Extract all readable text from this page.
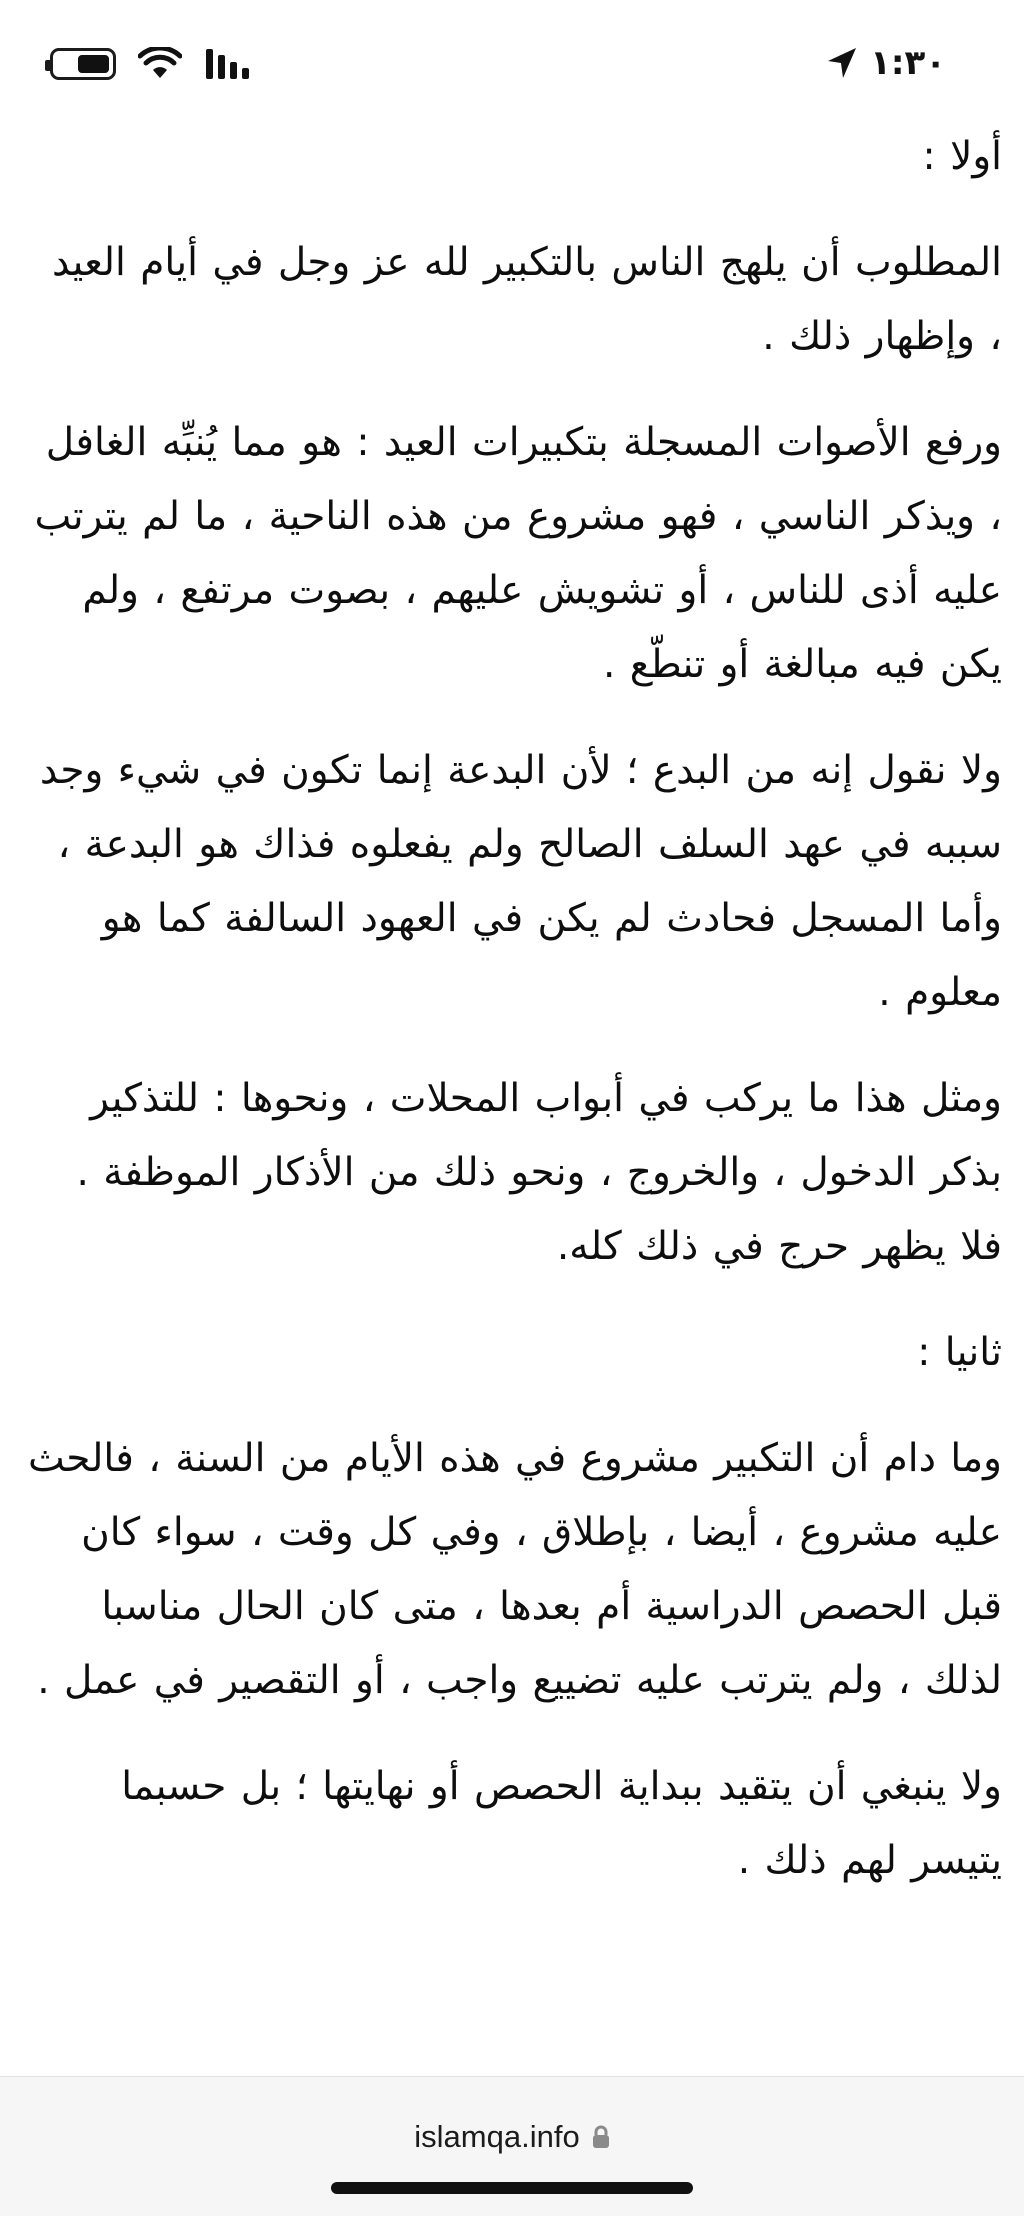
١:٣٠

أولا :

المطلوب أن يلهج الناس بالتكبير لله عز وجل في أيام العيد ، وإظهار ذلك .

ورفع الأصوات المسجلة بتكبيرات العيد : هو مما يُنبِّه الغافل ، ويذكر الناسي ، فهو مشروع من هذه الناحية ، ما لم يترتب عليه أذى للناس ، أو تشويش عليهم ، بصوت مرتفع ، ولم يكن فيه مبالغة أو تنطّع .

ولا نقول إنه من البدع ؛ لأن البدعة إنما تكون في شيء وجد سببه في عهد السلف الصالح ولم يفعلوه فذاك هو البدعة ، وأما المسجل فحادث لم يكن في العهود السالفة كما هو معلوم .

ومثل هذا ما يركب في أبواب المحلات ، ونحوها : للتذكير بذكر الدخول ، والخروج ، ونحو ذلك من الأذكار الموظفة . فلا يظهر حرج في ذلك كله.

ثانيا :

وما دام أن التكبير مشروع في هذه الأيام من السنة ، فالحث عليه مشروع ، أيضا ، بإطلاق ، وفي كل وقت ، سواء كان قبل الحصص الدراسية أم بعدها ، متى كان الحال مناسبا لذلك ، ولم يترتب عليه تضييع واجب ، أو التقصير في عمل .

ولا ينبغي أن يتقيد ببداية الحصص أو نهايتها ؛ بل حسبما يتيسر لهم ذلك .

islamqa.info
